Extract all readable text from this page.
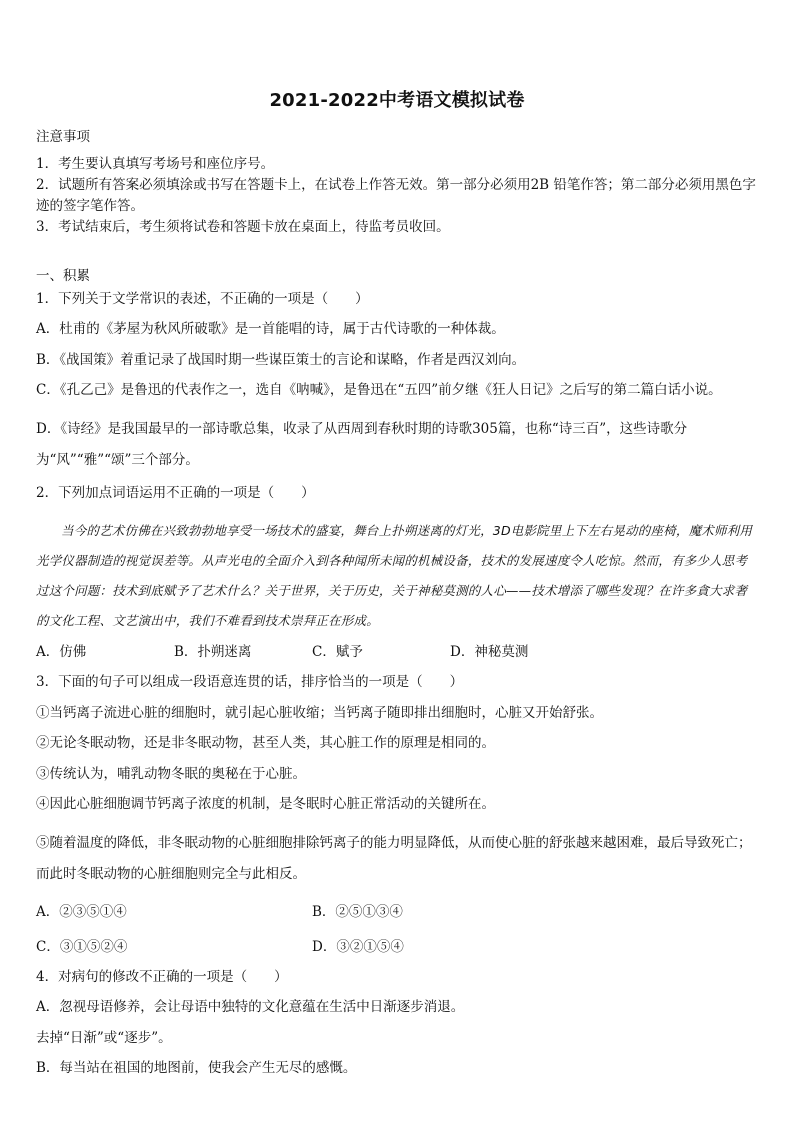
2021-2022中考语文模拟试卷
注意事项

1．考生要认真填写考场号和座位序号。

2．试题所有答案必须填涂或书写在答题卡上，在试卷上作答无效。第一部分必须用2B 铅笔作答；第二部分必须用黑色字迹的签字笔作答。

3．考试结束后，考生须将试卷和答题卡放在桌面上，待监考员收回。

一、积累

1．下列关于文学常识的表述，不正确的一项是（　　）

A．杜甫的《茅屋为秋风所破歌》是一首能唱的诗，属于古代诗歌的一种体裁。

B．《战国策》着重记录了战国时期一些谋臣策士的言论和谋略，作者是西汉刘向。

C．《孔乙己》是鲁迅的代表作之一，选自《呐喊》，是鲁迅在“五四”前夕继《狂人日记》之后写的第二篇白话小说。

D．《诗经》是我国最早的一部诗歌总集，收录了从西周到春秋时期的诗歌305篇，也称“诗三百”，这些诗歌分为“风”“雅”“颂”三个部分。

2．下列加点词语运用不正确的一项是（　　）

当今的艺术仿佛在兴致勃勃地享受一场技术的盛宴，舞台上扑朔迷离的灯光，3D电影院里上下左右晃动的座椅，魔术师利用光学仪器制造的视觉误差等。从声光电的全面介入到各种闻所未闻的机械设备，技术的发展速度令人吃惊。然而，有多少人思考过这个问题：技术到底赋予了艺术什么？关于世界，关于历史，关于神秘莫测的人心——技术增添了哪些发现？在许多貪大求奢的文化工程、文艺演出中，我们不难看到技术崇拜正在形成。

A．仿佛	B．扑朔迷离	C．赋予	D．神秘莫测

3．下面的句子可以组成一段语意连贯的话，排序恰当的一项是（　　）

①当钙离子流进心脏的细胞时，就引起心脏收缩；当钙离子随即排出细胞时，心脏又开始舒张。

②无论冬眠动物，还是非冬眠动物，甚至人类，其心脏工作的原理是相同的。

③传统认为，哺乳动物冬眠的奥秘在于心脏。

④因此心脏细胞调节钙离子浓度的机制，是冬眠时心脏正常活动的关键所在。

⑤随着温度的降低，非冬眠动物的心脏细胞排除钙离子的能力明显降低，从而使心脏的舒张越来越困难，最后导致死亡；而此时冬眠动物的心脏细胞则完全与此相反。

A．②③⑤①④	B．②⑤①③④
C．③①⑤②④	D．③②①⑤④

4．对病句的修改不正确的一项是（　　）

A．忽视母语修养，会让母语中独特的文化意蕴在生活中日渐逐步消退。

去掉“日渐”或“逐步”。

B．每当站在祖国的地图前，使我会产生无尽的感慨。
